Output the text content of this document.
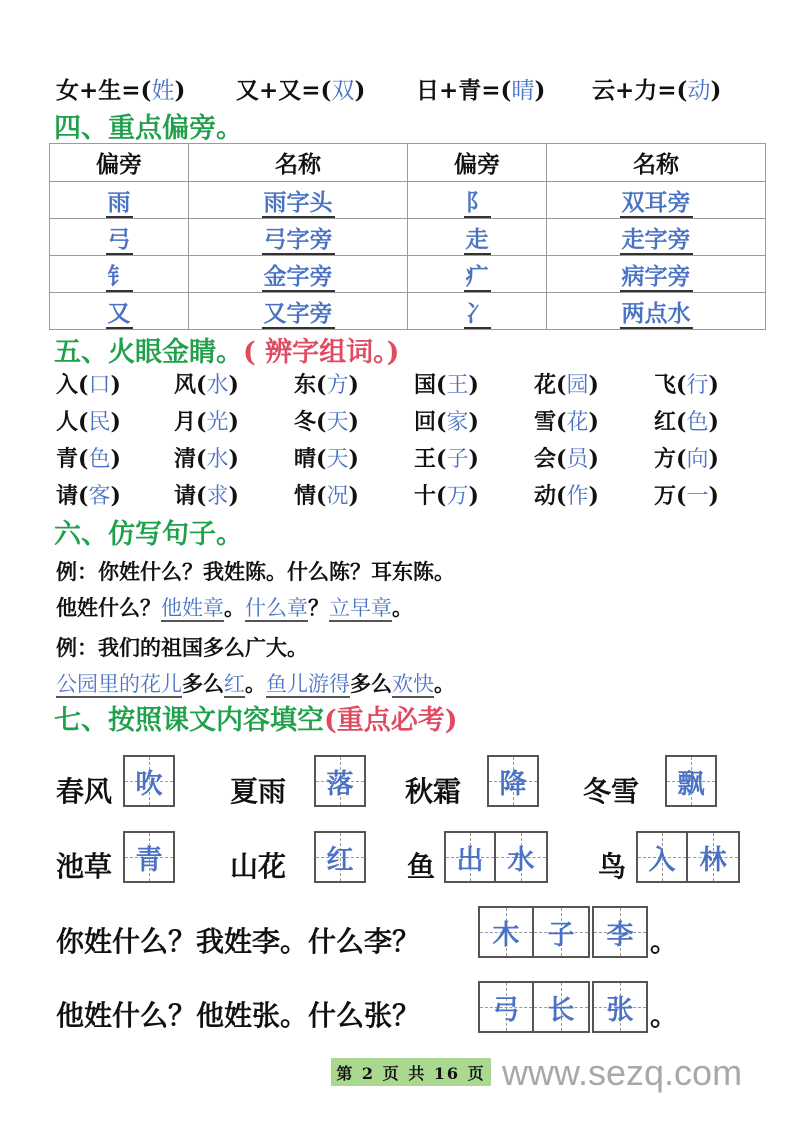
女+生=(姓) 又+又=(双) 日+青=(晴) 云+力=(动)
四、重点偏旁。
偏旁	名称	偏旁	名称
雨	雨字头	阝	双耳旁
弓	弓字旁	走	走字旁
钅	金字旁	疒	病字旁
又	又字旁	冫	两点水
五、火眼金睛。( 辨字组词。)
入(口) 风(水)	东(方)	国(王)	花(园)	飞(行)
人(民) 月(光)	冬(天)	回(家)	雪(花)	红(色)
青(色) 清(水)	晴(天)	王(子)	会(员)	方(向)
请(客) 请(求)	情(况)	十(万)	动(作)	万(一)
六、仿写句子。
例：你姓什么？我姓陈。什么陈？耳东陈。
他姓什么？他姓章。什么章？立早章。
例：我们的祖国多么广大。
公园里的花儿多么红。鱼儿游得多么欢快。
七、按照课文内容填空(重点必考)
春风 吹 夏雨 落 秋霜 降 冬雪 飘
池草 青 山花 红 鱼 出 水 鸟 入 林
你姓什么？我姓李。什么李？	木 子 李 。
他姓什么？他姓张。什么张？	弓 长 张 。
第 2 页 共 16 页 www.sezq.com
